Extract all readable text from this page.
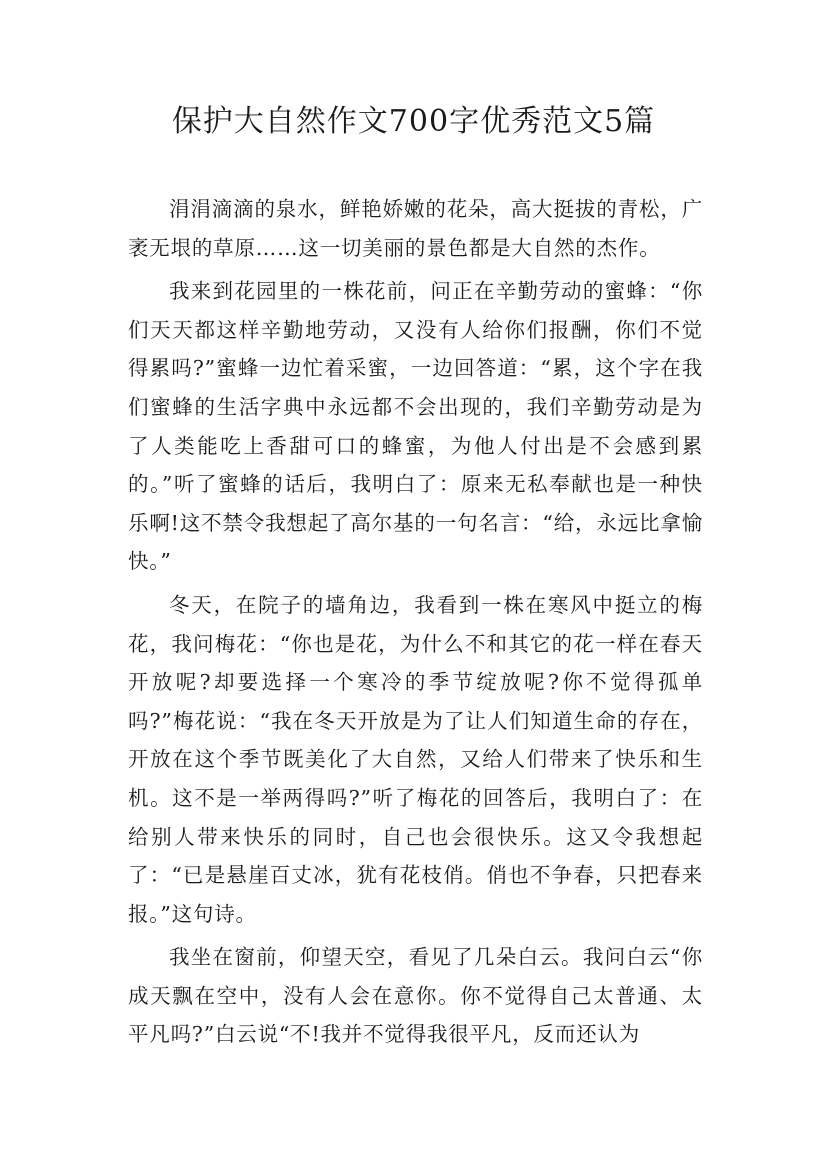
保护大自然作文700字优秀范文5篇

涓涓滴滴的泉水，鲜艳娇嫩的花朵，高大挺拔的青松，广袤无垠的草原……这一切美丽的景色都是大自然的杰作。

我来到花园里的一株花前，问正在辛勤劳动的蜜蜂：“你们天天都这样辛勤地劳动，又没有人给你们报酬，你们不觉得累吗?”蜜蜂一边忙着采蜜，一边回答道：“累，这个字在我们蜜蜂的生活字典中永远都不会出现的，我们辛勤劳动是为了人类能吃上香甜可口的蜂蜜，为他人付出是不会感到累的。”听了蜜蜂的话后，我明白了：原来无私奉献也是一种快乐啊!这不禁令我想起了高尔基的一句名言：“给，永远比拿愉快。”

冬天，在院子的墙角边，我看到一株在寒风中挺立的梅花，我问梅花：“你也是花，为什么不和其它的花一样在春天开放呢?却要选择一个寒冷的季节绽放呢?你不觉得孤单吗?”梅花说：“我在冬天开放是为了让人们知道生命的存在，开放在这个季节既美化了大自然，又给人们带来了快乐和生机。这不是一举两得吗?”听了梅花的回答后，我明白了：在给别人带来快乐的同时，自己也会很快乐。这又令我想起了：“已是悬崖百丈冰，犹有花枝俏。俏也不争春，只把春来报。”这句诗。

我坐在窗前，仰望天空，看见了几朵白云。我问白云“你成天飘在空中，没有人会在意你。你不觉得自己太普通、太平凡吗?”白云说“不!我并不觉得我很平凡，反而还认为
